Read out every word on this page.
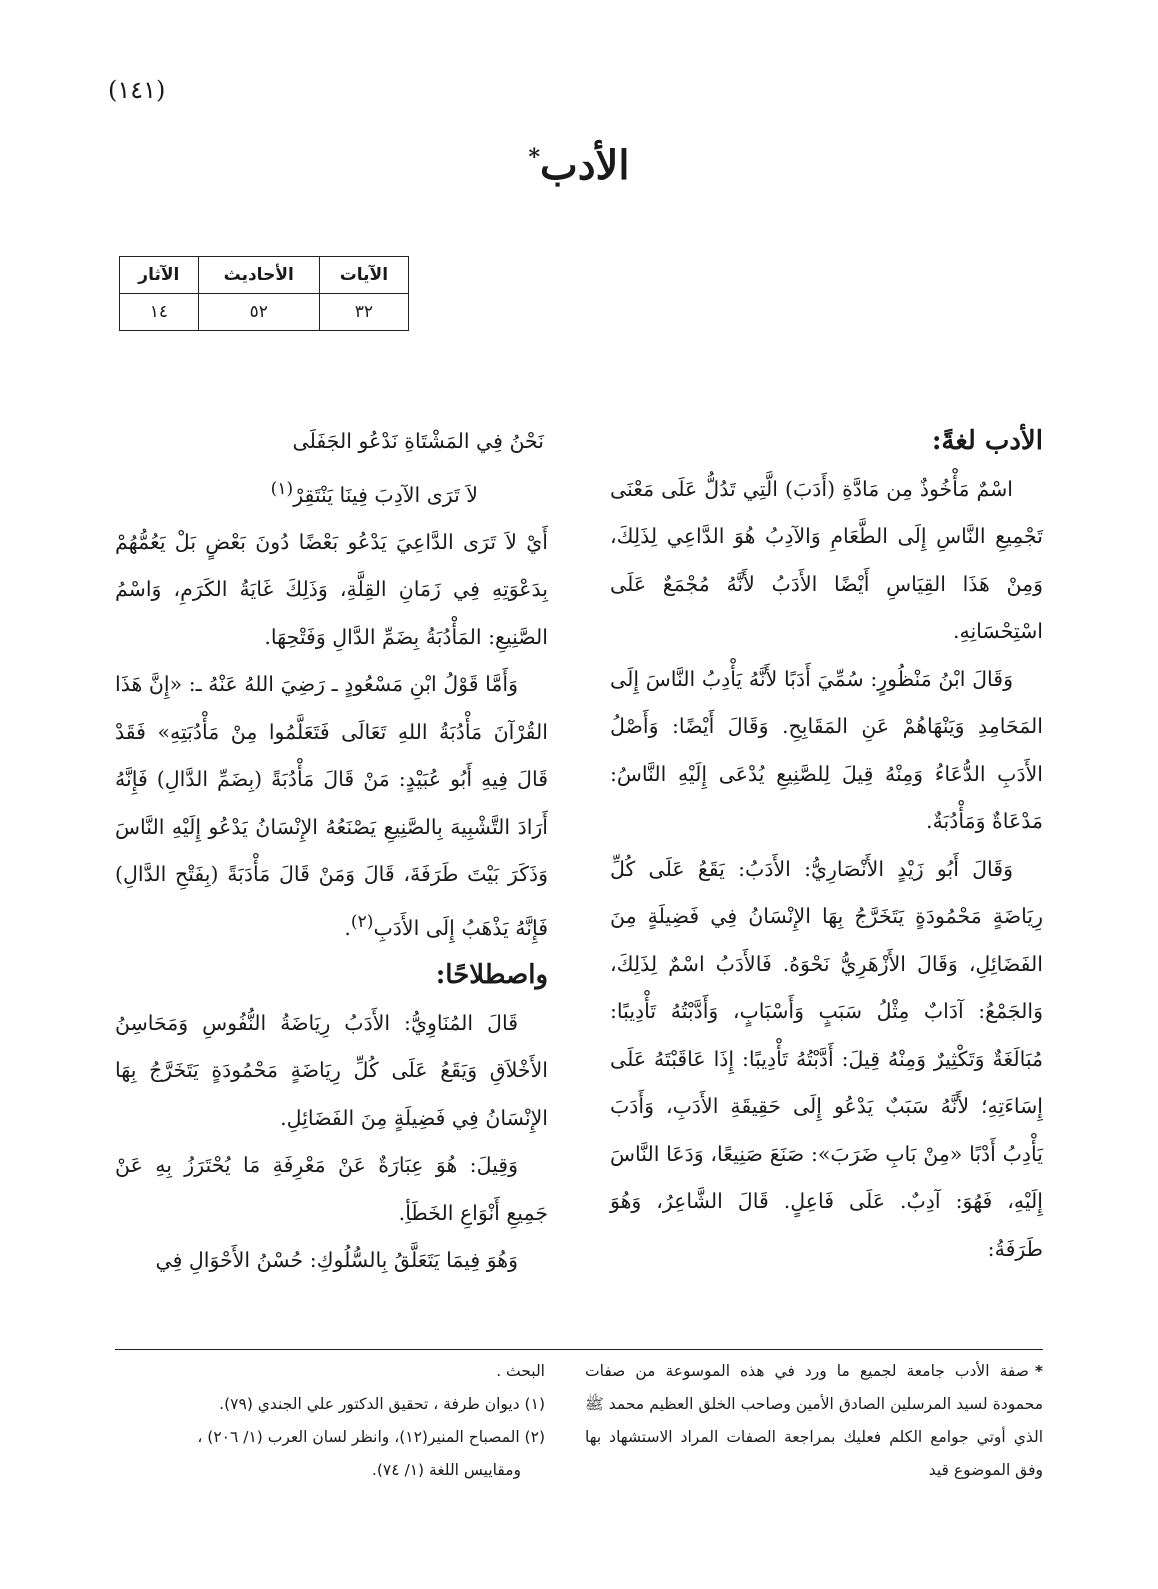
(١٤١)
الأدب*
الآيات	الأحاديث	الآثار
٣٢	٥٢	١٤

الأدب لغةً:

اسْمٌ مَأْخُوذٌ مِن مَادَّةِ (أَدَبَ) الَّتِي تَدُلُّ عَلَى مَعْنَى تَجْمِيعِ النَّاسِ إِلَى الطَّعَامِ وَالآدِبُ هُوَ الدَّاعِي لِذَلِكَ، وَمِنْ هَذَا القِيَاسِ أَيْضًا الأَدَبُ لأَنَّهُ مُجْمَعٌ عَلَى اسْتِحْسَانِهِ.

وَقَالَ ابْنُ مَنْظُورٍ: سُمِّيَ أَدَبًا لأَنَّهُ يَأْدِبُ النَّاسَ إِلَى المَحَامِدِ وَيَنْهَاهُمْ عَنِ المَقَابِحِ. وَقَالَ أَيْضًا: وَأَصْلُ الأَدَبِ الدُّعَاءُ وَمِنْهُ قِيلَ لِلصَّنِيعِ يُدْعَى إِلَيْهِ النَّاسُ: مَدْعَاةٌ وَمَأْدُبَةٌ.

وَقَالَ أَبُو زَيْدٍ الأَنْصَارِيُّ: الأَدَبُ: يَقَعُ عَلَى كُلِّ رِيَاضَةٍ مَحْمُودَةٍ يَتَخَرَّجُ بِهَا الإِنْسَانُ فِي فَضِيلَةٍ مِنَ الفَضَائِلِ، وَقَالَ الأَزْهَرِيُّ نَحْوَهُ. فَالأَدَبُ اسْمٌ لِذَلِكَ، وَالجَمْعُ: آدَابٌ مِثْلُ سَبَبٍ وَأَسْبَابٍ، وَأَدَّبْتُهُ تَأْدِيبًا: مُبَالَغَةٌ وَتَكْثِيرٌ وَمِنْهُ قِيلَ: أَدَّبْتُهُ تَأْدِيبًا: إِذَا عَاقَبْتَهُ عَلَى إِسَاءَتِهِ؛ لأَنَّهُ سَبَبٌ يَدْعُو إِلَى حَقِيقَةِ الأَدَبِ، وَأَدَبَ يَأْدِبُ أَدْبًا «مِنْ بَابِ ضَرَبَ»: صَنَعَ صَنِيعًا، وَدَعَا النَّاسَ إِلَيْهِ، فَهُوَ: آدِبٌ. عَلَى فَاعِلٍ. قَالَ الشَّاعِرُ، وَهُوَ طَرَفَةُ:

نَحْنُ فِي المَشْتَاةِ نَدْعُو الجَفَلَى

لاَ تَرَى الآدِبَ فِينَا يَنْتَقِرْ$^{(١)}$

أَيْ لاَ تَرَى الدَّاعِيَ يَدْعُو بَعْضًا دُونَ بَعْضٍ بَلْ يَعُمُّهُمْ بِدَعْوَتِهِ فِي زَمَانِ القِلَّةِ، وَذَلِكَ غَايَةُ الكَرَمِ، وَاسْمُ الصَّنِيعِ: المَأْدُبَةُ بِضَمِّ الدَّالِ وَفَتْحِهَا.

وَأَمَّا قَوْلُ ابْنِ مَسْعُودٍ ـ رَضِيَ اللهُ عَنْهُ ـ: «إِنَّ هَذَا القُرْآنَ مَأْدُبَةُ اللهِ تَعَالَى فَتَعَلَّمُوا مِنْ مَأْدُبَتِهِ» فَقَدْ قَالَ فِيهِ أَبُو عُبَيْدٍ: مَنْ قَالَ مَأْدُبَةً (بِضَمِّ الدَّالِ) فَإِنَّهُ أَرَادَ التَّشْبِيهَ بِالصَّنِيعِ يَصْنَعُهُ الإِنْسَانُ يَدْعُو إِلَيْهِ النَّاسَ وَذَكَرَ بَيْتَ طَرَفَةَ، قَالَ وَمَنْ قَالَ مَأْدَبَةً (بِفَتْحِ الدَّالِ) فَإِنَّهُ يَذْهَبُ إِلَى الأَدَبِ$^{(٢)}$.

واصطلاحًا:

قَالَ المُنَاوِيُّ: الأَدَبُ رِيَاضَةُ النُّفُوسِ وَمَحَاسِنُ الأَخْلاَقِ وَيَقَعُ عَلَى كُلِّ رِيَاضَةٍ مَحْمُودَةٍ يَتَخَرَّجُ بِهَا الإِنْسَانُ فِي فَضِيلَةٍ مِنَ الفَضَائِلِ.

وَقِيلَ: هُوَ عِبَارَةٌ عَنْ مَعْرِفَةِ مَا يُحْتَرَزُ بِهِ عَنْ جَمِيعِ أَنْوَاعِ الخَطَأِ.

وَهُوَ فِيمَا يَتَعَلَّقُ بِالسُّلُوكِ: حُسْنُ الأَحْوَالِ فِي

*صفة الأدب جامعة لجميع ما ورد في هذه الموسوعة من صفات محمودة لسيد المرسلين الصادق الأمين وصاحب الخلق العظيم محمد ﷺ الذي أوتي جوامع الكلم فعليك بمراجعة الصفات المراد الاستشهاد بها وفق الموضوع قيد

البحث .

(١) ديوان طرفة ، تحقيق الدكتور علي الجندي (٧٩).

(٢) المصباح المنير(١٢)، وانظر لسان العرب (١/ ٢٠٦) ،

ومقاييس اللغة (١/ ٧٤).
